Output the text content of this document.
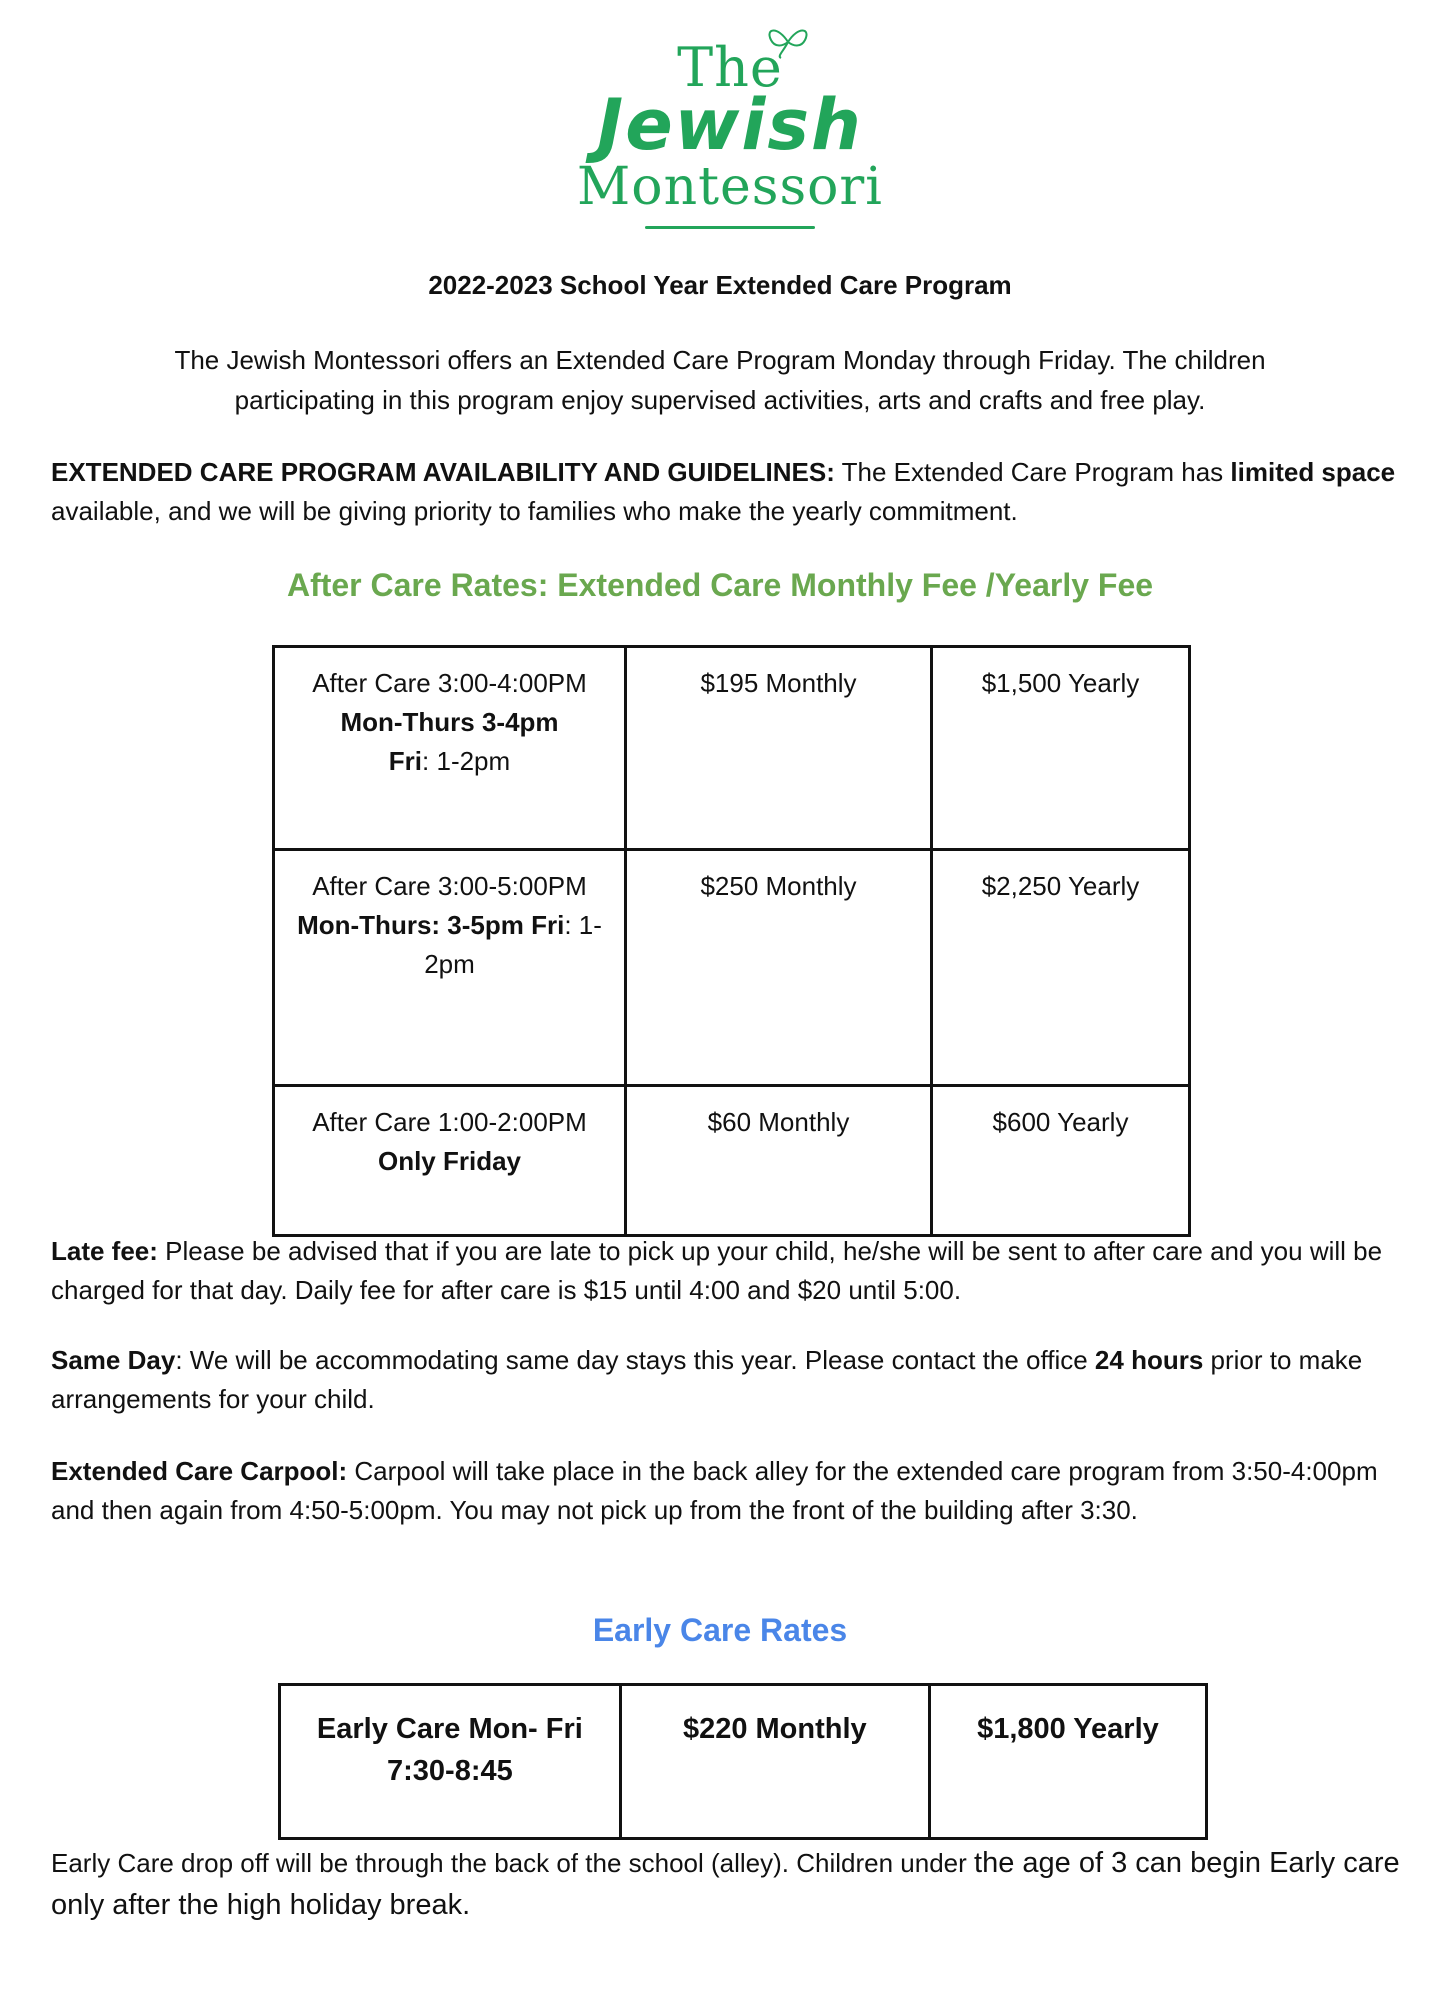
The
Jewish
Montessori
2022-2023 School Year Extended Care Program
The Jewish Montessori offers an Extended Care Program Monday through Friday. The children participating in this program enjoy supervised activities, arts and crafts and free play.
EXTENDED CARE PROGRAM AVAILABILITY AND GUIDELINES: The Extended Care Program has limited space available, and we will be giving priority to families who make the yearly commitment.
After Care Rates: Extended Care Monthly Fee /Yearly Fee
After Care 3:00-4:00PM
Mon-Thurs 3-4pm
Fri: 1-2pm	$195 Monthly	$1,500 Yearly

After Care 3:00-5:00PM
Mon-Thurs: 3-5pm Fri: 1-2pm	$250 Monthly	$2,250 Yearly

After Care 1:00-2:00PM
Only Friday	$60 Monthly	$600 Yearly
Late fee: Please be advised that if you are late to pick up your child, he/she will be sent to after care and you will be charged for that day. Daily fee for after care is $15 until 4:00 and $20 until 5:00.
Same Day: We will be accommodating same day stays this year. Please contact the office 24 hours prior to make arrangements for your child.
Extended Care Carpool: Carpool will take place in the back alley for the extended care program from 3:50-4:00pm and then again from 4:50-5:00pm. You may not pick up from the front of the building after 3:30.
Early Care Rates
Early Care Mon- Fri
7:30-8:45
	$220 Monthly	$1,800 Yearly
Early Care drop off will be through the back of the school (alley). Children under the age of 3 can begin Early care only after the high holiday break.
